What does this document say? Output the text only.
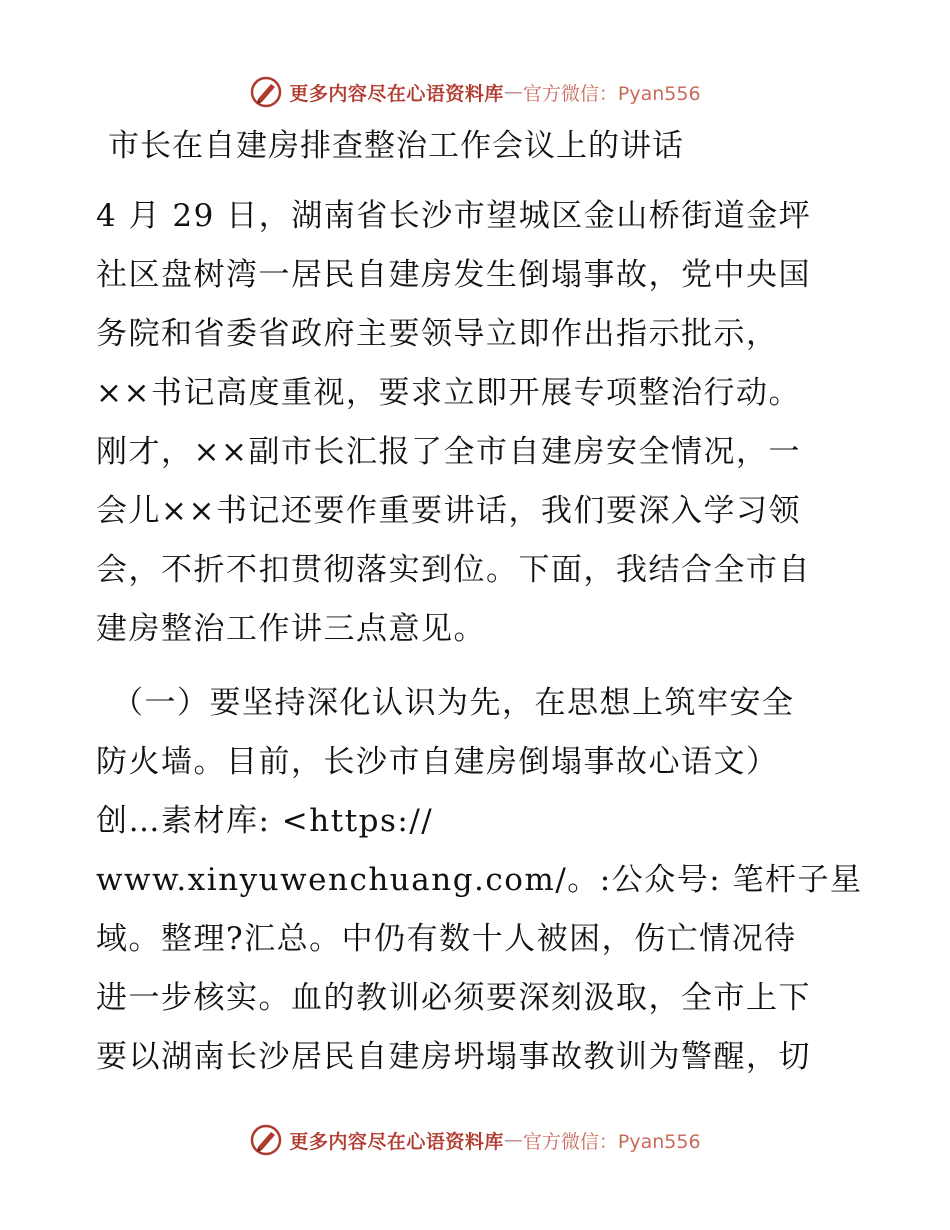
更多内容尽在心语资料库 — 官方微信：Pyan556
市长在自建房排查整治工作会议上的讲话
4 月 29 日，湖南省长沙市望城区金山桥街道金坪
社区盘树湾一居民自建房发生倒塌事故，党中央国
务院和省委省政府主要领导立即作出指示批示，
××书记高度重视，要求立即开展专项整治行动。
刚才，××副市长汇报了全市自建房安全情况，一
会儿××书记还要作重要讲话，我们要深入学习领
会，不折不扣贯彻落实到位。下面，我结合全市自
建房整治工作讲三点意见。
（一）要坚持深化认识为先，在思想上筑牢安全
防火墙。目前，长沙市自建房倒塌事故心语文）
创…素材库: <https://
www.xinyuwenchuang.com/。:公众号: 笔杆子星
域。整理?汇总。中仍有数十人被困，伤亡情况待
进一步核实。血的教训必须要深刻汲取，全市上下
要以湖南长沙居民自建房坍塌事故教训为警醒，切
更多内容尽在心语资料库 — 官方微信：Pyan556
